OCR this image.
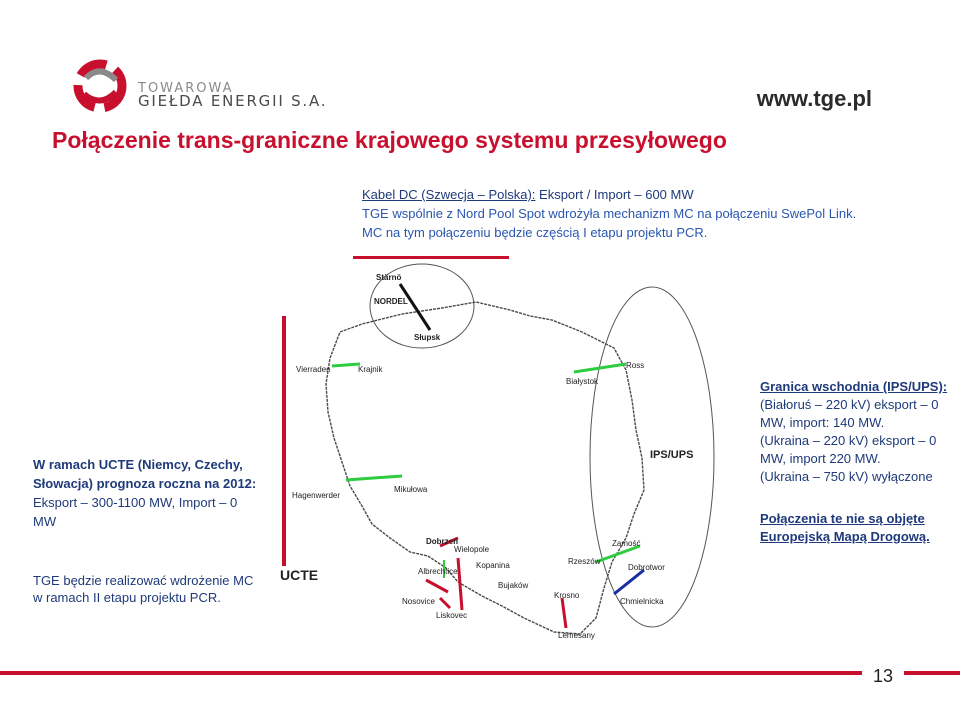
TOWAROWA
GIEŁDA ENERGII S.A.	www.tge.pl
Połączenie trans-graniczne krajowego systemu przesyłowego
Kabel DC (Szwecja – Polska): Eksport / Import – 600 MW
TGE wspólnie z Nord Pool Spot wdrożyła mechanizm MC na połączeniu SwePol Link.
MC na tym połączeniu będzie częścią I etapu projektu PCR.
Stärnö
NORDEL
Słupsk
Vierraden	Krajnik
Białystok
Ross
IPS/UPS
Hagenwerder
Mikułowa
Dobrzeń
Wielopole
Albrechtice
Nosovice
Kopanina
Bujaków
Liskovec
Krosno
Lemesany
Rzeszów
Zamość
Dobrotwor
Chmielnicka
UCTE
W ramach UCTE (Niemcy, Czechy, Słowacja) prognoza roczna na 2012: Eksport – 300-1100 MW, Import – 0 MW
TGE będzie realizować wdrożenie MC w ramach II etapu projektu PCR.
Granica wschodnia (IPS/UPS):
(Białoruś – 220 kV) eksport – 0 MW, import: 140 MW.
(Ukraina – 220 kV) eksport – 0 MW, import 220 MW.
(Ukraina – 750 kV) wyłączone
Połączenia te nie są objęte Europejską Mapą Drogową.
13
